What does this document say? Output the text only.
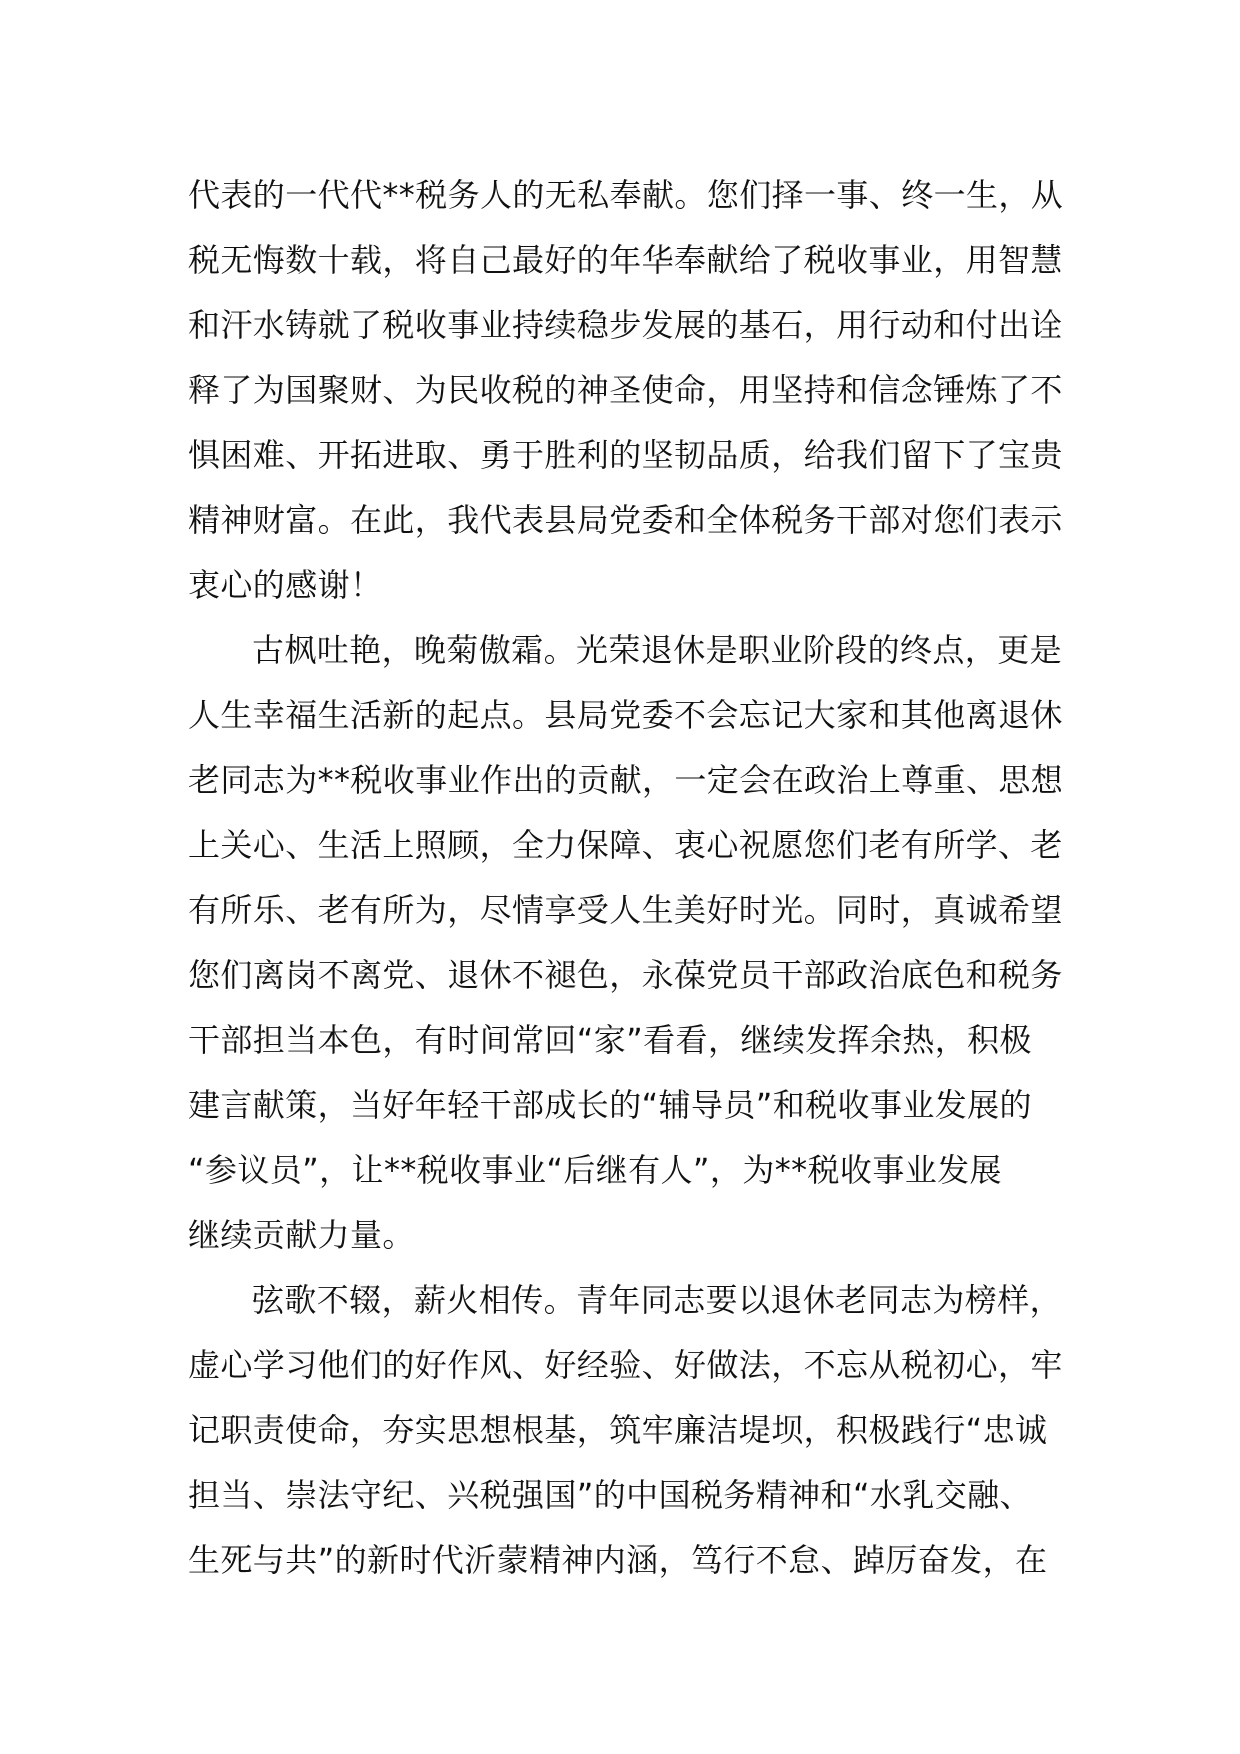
代表的一代代**税务人的无私奉献。您们择一事、终一生，从
税无悔数十载，将自己最好的年华奉献给了税收事业，用智慧
和汗水铸就了税收事业持续稳步发展的基石，用行动和付出诠
释了为国聚财、为民收税的神圣使命，用坚持和信念锤炼了不
惧困难、开拓进取、勇于胜利的坚韧品质，给我们留下了宝贵
精神财富。在此，我代表县局党委和全体税务干部对您们表示
衷心的感谢！
古枫吐艳，晚菊傲霜。光荣退休是职业阶段的终点，更是
人生幸福生活新的起点。县局党委不会忘记大家和其他离退休
老同志为**税收事业作出的贡献，一定会在政治上尊重、思想
上关心、生活上照顾，全力保障、衷心祝愿您们老有所学、老
有所乐、老有所为，尽情享受人生美好时光。同时，真诚希望
您们离岗不离党、退休不褪色，永葆党员干部政治底色和税务
干部担当本色，有时间常回“家”看看，继续发挥余热，积极
建言献策，当好年轻干部成长的“辅导员”和税收事业发展的
“参议员”，让**税收事业“后继有人”，为**税收事业发展
继续贡献力量。
弦歌不辍，薪火相传。青年同志要以退休老同志为榜样，
虚心学习他们的好作风、好经验、好做法，不忘从税初心，牢
记职责使命，夯实思想根基，筑牢廉洁堤坝，积极践行“忠诚
担当、崇法守纪、兴税强国”的中国税务精神和“水乳交融、
生死与共”的新时代沂蒙精神内涵，笃行不怠、踔厉奋发，在
